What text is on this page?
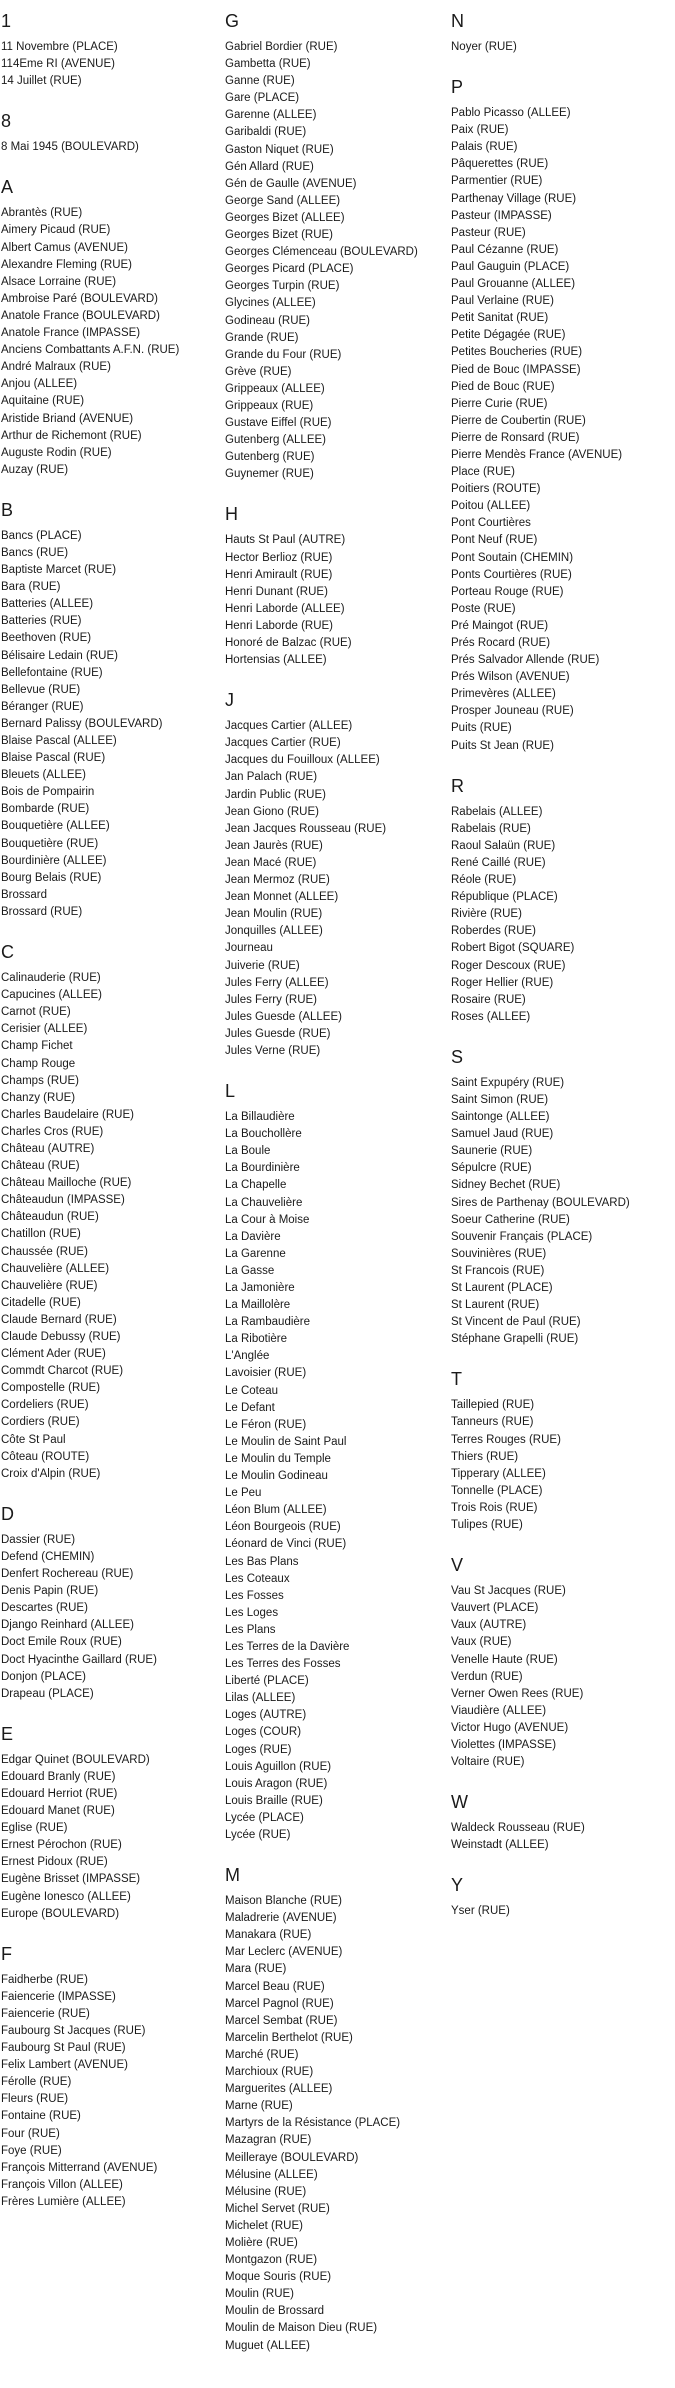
1
11 Novembre (PLACE)
114Eme RI (AVENUE)
14 Juillet (RUE)
8
8 Mai 1945 (BOULEVARD)
A
Abrantès (RUE)
Aimery Picaud (RUE)
Albert Camus (AVENUE)
Alexandre Fleming (RUE)
Alsace Lorraine (RUE)
Ambroise Paré (BOULEVARD)
Anatole France (BOULEVARD)
Anatole France (IMPASSE)
Anciens Combattants A.F.N. (RUE)
André Malraux (RUE)
Anjou (ALLEE)
Aquitaine (RUE)
Aristide Briand (AVENUE)
Arthur de Richemont (RUE)
Auguste Rodin (RUE)
Auzay (RUE)
B
Bancs (PLACE)
Bancs (RUE)
Baptiste Marcet (RUE)
Bara (RUE)
Batteries (ALLEE)
Batteries (RUE)
Beethoven (RUE)
Bélisaire Ledain (RUE)
Bellefontaine (RUE)
Bellevue (RUE)
Béranger (RUE)
Bernard Palissy (BOULEVARD)
Blaise Pascal (ALLEE)
Blaise Pascal (RUE)
Bleuets (ALLEE)
Bois de Pompairin
Bombarde (RUE)
Bouquetière (ALLEE)
Bouquetière (RUE)
Bourdinière (ALLEE)
Bourg Belais (RUE)
Brossard
Brossard (RUE)
C
Calinauderie (RUE)
Capucines (ALLEE)
Carnot (RUE)
Cerisier (ALLEE)
Champ Fichet
Champ Rouge
Champs (RUE)
Chanzy (RUE)
Charles Baudelaire (RUE)
Charles Cros (RUE)
Château (AUTRE)
Château (RUE)
Château Mailloche (RUE)
Châteaudun (IMPASSE)
Châteaudun (RUE)
Chatillon (RUE)
Chaussée (RUE)
Chauvelière (ALLEE)
Chauvelière (RUE)
Citadelle (RUE)
Claude Bernard (RUE)
Claude Debussy (RUE)
Clément Ader (RUE)
Commdt Charcot (RUE)
Compostelle (RUE)
Cordeliers (RUE)
Cordiers (RUE)
Côte St Paul
Côteau (ROUTE)
Croix d'Alpin (RUE)
D
Dassier (RUE)
Defend (CHEMIN)
Denfert Rochereau (RUE)
Denis Papin (RUE)
Descartes (RUE)
Django Reinhard (ALLEE)
Doct Emile Roux (RUE)
Doct Hyacinthe Gaillard (RUE)
Donjon (PLACE)
Drapeau (PLACE)
E
Edgar Quinet (BOULEVARD)
Edouard Branly (RUE)
Edouard Herriot (RUE)
Edouard Manet (RUE)
Eglise (RUE)
Ernest Pérochon (RUE)
Ernest Pidoux (RUE)
Eugène Brisset (IMPASSE)
Eugène Ionesco (ALLEE)
Europe (BOULEVARD)
F
Faidherbe (RUE)
Faiencerie (IMPASSE)
Faiencerie (RUE)
Faubourg St Jacques (RUE)
Faubourg St Paul (RUE)
Felix Lambert (AVENUE)
Férolle (RUE)
Fleurs (RUE)
Fontaine (RUE)
Four (RUE)
Foye (RUE)
François Mitterrand (AVENUE)
François Villon (ALLEE)
Frères Lumière (ALLEE)
G
Gabriel Bordier (RUE)
Gambetta (RUE)
Ganne (RUE)
Gare (PLACE)
Garenne (ALLEE)
Garibaldi (RUE)
Gaston Niquet (RUE)
Gén Allard (RUE)
Gén de Gaulle (AVENUE)
George Sand (ALLEE)
Georges Bizet (ALLEE)
Georges Bizet (RUE)
Georges Clémenceau (BOULEVARD)
Georges Picard (PLACE)
Georges Turpin (RUE)
Glycines (ALLEE)
Godineau (RUE)
Grande (RUE)
Grande du Four (RUE)
Grève (RUE)
Grippeaux (ALLEE)
Grippeaux (RUE)
Gustave Eiffel (RUE)
Gutenberg (ALLEE)
Gutenberg (RUE)
Guynemer (RUE)
H
Hauts St Paul (AUTRE)
Hector Berlioz (RUE)
Henri Amirault (RUE)
Henri Dunant (RUE)
Henri Laborde (ALLEE)
Henri Laborde (RUE)
Honoré de Balzac (RUE)
Hortensias (ALLEE)
J
Jacques Cartier (ALLEE)
Jacques Cartier (RUE)
Jacques du Fouilloux (ALLEE)
Jan Palach (RUE)
Jardin Public (RUE)
Jean Giono (RUE)
Jean Jacques Rousseau (RUE)
Jean Jaurès (RUE)
Jean Macé (RUE)
Jean Mermoz (RUE)
Jean Monnet (ALLEE)
Jean Moulin (RUE)
Jonquilles (ALLEE)
Journeau
Juiverie (RUE)
Jules Ferry (ALLEE)
Jules Ferry (RUE)
Jules Guesde (ALLEE)
Jules Guesde (RUE)
Jules Verne (RUE)
L
La Billaudière
La Bouchollère
La Boule
La Bourdinière
La Chapelle
La Chauvelière
La Cour à Moise
La Davière
La Garenne
La Gasse
La Jamonière
La Maillolère
La Rambaudière
La Ribotière
L'Anglée
Lavoisier (RUE)
Le Coteau
Le Defant
Le Féron (RUE)
Le Moulin de Saint Paul
Le Moulin du Temple
Le Moulin Godineau
Le Peu
Léon Blum (ALLEE)
Léon Bourgeois (RUE)
Léonard de Vinci (RUE)
Les Bas Plans
Les Coteaux
Les Fosses
Les Loges
Les Plans
Les Terres de la Davière
Les Terres des Fosses
Liberté (PLACE)
Lilas (ALLEE)
Loges (AUTRE)
Loges (COUR)
Loges (RUE)
Louis Aguillon (RUE)
Louis Aragon (RUE)
Louis Braille (RUE)
Lycée (PLACE)
Lycée (RUE)
M
Maison Blanche (RUE)
Maladrerie (AVENUE)
Manakara (RUE)
Mar Leclerc (AVENUE)
Mara (RUE)
Marcel Beau (RUE)
Marcel Pagnol (RUE)
Marcel Sembat (RUE)
Marcelin Berthelot (RUE)
Marché (RUE)
Marchioux (RUE)
Marguerites (ALLEE)
Marne (RUE)
Martyrs de la Résistance (PLACE)
Mazagran (RUE)
Meilleraye (BOULEVARD)
Mélusine (ALLEE)
Mélusine (RUE)
Michel Servet (RUE)
Michelet (RUE)
Molière (RUE)
Montgazon (RUE)
Moque Souris (RUE)
Moulin (RUE)
Moulin de Brossard
Moulin de Maison Dieu (RUE)
Muguet (ALLEE)
N
Noyer (RUE)
P
Pablo Picasso (ALLEE)
Paix (RUE)
Palais (RUE)
Pâquerettes (RUE)
Parmentier (RUE)
Parthenay Village (RUE)
Pasteur (IMPASSE)
Pasteur (RUE)
Paul Cézanne (RUE)
Paul Gauguin (PLACE)
Paul Grouanne (ALLEE)
Paul Verlaine (RUE)
Petit Sanitat (RUE)
Petite Dégagée (RUE)
Petites Boucheries (RUE)
Pied de Bouc (IMPASSE)
Pied de Bouc (RUE)
Pierre Curie (RUE)
Pierre de Coubertin (RUE)
Pierre de Ronsard (RUE)
Pierre Mendès France (AVENUE)
Place (RUE)
Poitiers (ROUTE)
Poitou (ALLEE)
Pont Courtières
Pont Neuf (RUE)
Pont Soutain (CHEMIN)
Ponts Courtières (RUE)
Porteau Rouge (RUE)
Poste (RUE)
Pré Maingot (RUE)
Prés Rocard (RUE)
Prés Salvador Allende (RUE)
Prés Wilson (AVENUE)
Primevères (ALLEE)
Prosper Jouneau (RUE)
Puits (RUE)
Puits St Jean (RUE)
R
Rabelais (ALLEE)
Rabelais (RUE)
Raoul Salaün (RUE)
René Caillé (RUE)
Réole (RUE)
République (PLACE)
Rivière (RUE)
Roberdes (RUE)
Robert Bigot (SQUARE)
Roger Descoux (RUE)
Roger Hellier (RUE)
Rosaire (RUE)
Roses (ALLEE)
S
Saint Expupéry (RUE)
Saint Simon (RUE)
Saintonge (ALLEE)
Samuel Jaud (RUE)
Saunerie (RUE)
Sépulcre (RUE)
Sidney Bechet (RUE)
Sires de Parthenay (BOULEVARD)
Soeur Catherine (RUE)
Souvenir Français (PLACE)
Souvinières (RUE)
St Francois (RUE)
St Laurent (PLACE)
St Laurent (RUE)
St Vincent de Paul (RUE)
Stéphane Grapelli (RUE)
T
Taillepied (RUE)
Tanneurs (RUE)
Terres Rouges (RUE)
Thiers (RUE)
Tipperary (ALLEE)
Tonnelle (PLACE)
Trois Rois (RUE)
Tulipes (RUE)
V
Vau St Jacques (RUE)
Vauvert (PLACE)
Vaux (AUTRE)
Vaux (RUE)
Venelle Haute (RUE)
Verdun (RUE)
Verner Owen Rees (RUE)
Viaudière (ALLEE)
Victor Hugo (AVENUE)
Violettes (IMPASSE)
Voltaire (RUE)
W
Waldeck Rousseau (RUE)
Weinstadt (ALLEE)
Y
Yser (RUE)
